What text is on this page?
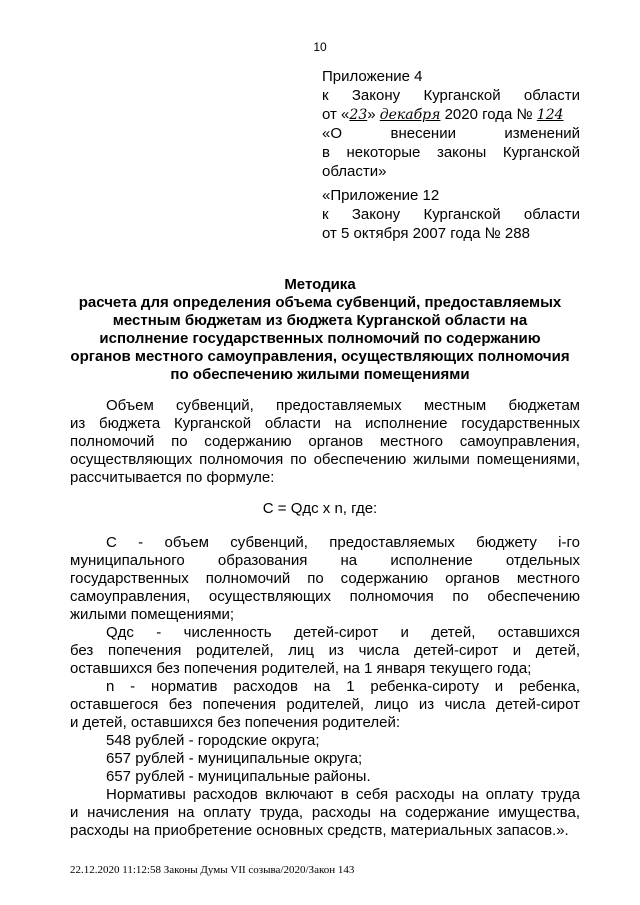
10
Приложение 4
к Закону Курганской области
от «23» декабря 2020 года № 124
«О	внесении	изменений
в некоторые законы Курганской
области»
«Приложение 12
к Закону Курганской области
от 5 октября 2007 года № 288
Методика
расчета для определения объема субвенций, предоставляемых
местным бюджетам из бюджета Курганской области на
исполнение государственных полномочий по содержанию
органов местного самоуправления, осуществляющих полномочия
по обеспечению жилыми помещениями
Объем субвенций, предоставляемых местным бюджетам
из бюджета Курганской области на исполнение государственных
полномочий по содержанию органов местного самоуправления,
осуществляющих полномочия по обеспечению жилыми помещениями,
рассчитывается по формуле:
С = Qдс x n, где:
С - объем субвенций, предоставляемых бюджету i-го
муниципального образования на исполнение отдельных
государственных полномочий по содержанию органов местного
самоуправления, осуществляющих полномочия по обеспечению
жилыми помещениями;
Qдс - численность детей-сирот и детей, оставшихся
без попечения родителей, лиц из числа детей-сирот и детей,
оставшихся без попечения родителей, на 1 января текущего года;
n - норматив расходов на 1 ребенка-сироту и ребенка,
оставшегося без попечения родителей, лицо из числа детей-сирот
и детей, оставшихся без попечения родителей:
548 рублей - городские округа;
657 рублей - муниципальные округа;
657 рублей - муниципальные районы.
Нормативы расходов включают в себя расходы на оплату труда
и начисления на оплату труда, расходы на содержание имущества,
расходы на приобретение основных средств, материальных запасов.».
22.12.2020 11:12:58 Законы Думы VII созыва/2020/Закон 143
